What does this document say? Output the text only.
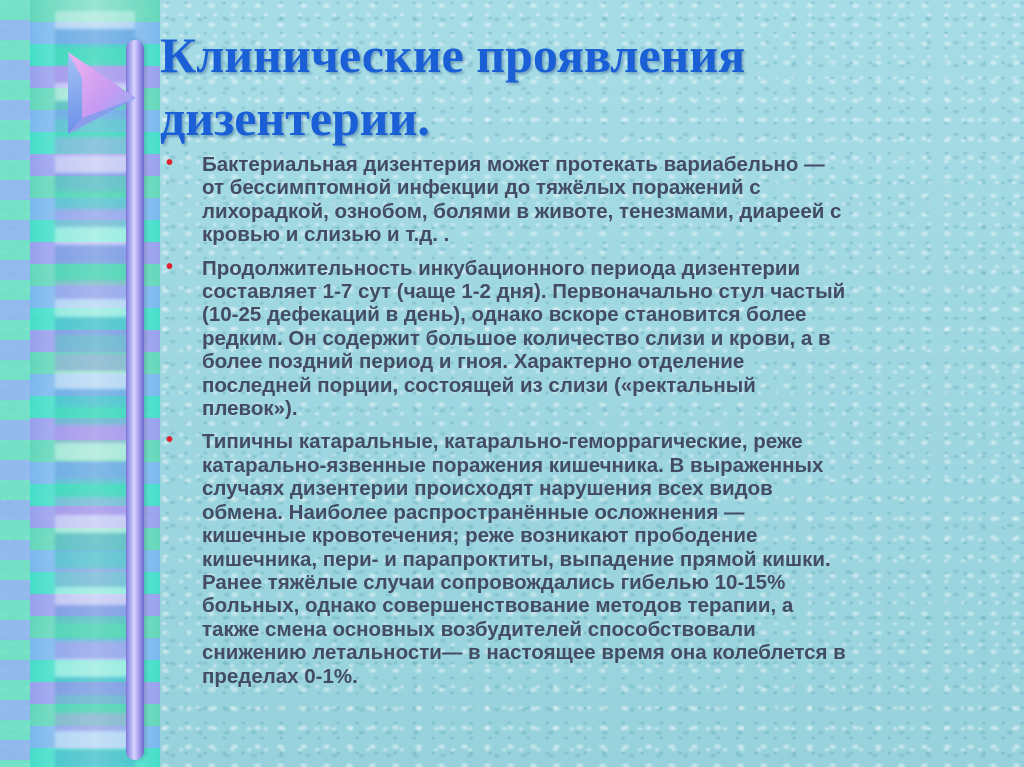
Клинические проявления
дизентерии.
• Бактериальная дизентерия может протекать вариабельно —
от бессимптомной инфекции до тяжёлых поражений с
лихорадкой, ознобом, болями в животе, тенезмами, диареей с
кровью и слизью и т.д. .
• Продолжительность инкубационного периода дизентерии
составляет 1-7 сут (чаще 1-2 дня). Первоначально стул частый
(10-25 дефекаций в день), однако вскоре становится более
редким. Он содержит большое количество слизи и крови, а в
более поздний период и гноя. Характерно отделение
последней порции, состоящей из слизи («ректальный
плевок»).
• Типичны катаральные, катарально-геморрагические, реже
катарально-язвенные поражения кишечника. В выраженных
случаях дизентерии происходят нарушения всех видов
обмена. Наиболее распространённые осложнения —
кишечные кровотечения; реже возникают прободение
кишечника, пери- и парапроктиты, выпадение прямой кишки.
Ранее тяжёлые случаи сопровождались гибелью 10-15%
больных, однако совершенствование методов терапии, а
также смена основных возбудителей способствовали
снижению летальности— в настоящее время она колеблется в
пределах 0-1%.
